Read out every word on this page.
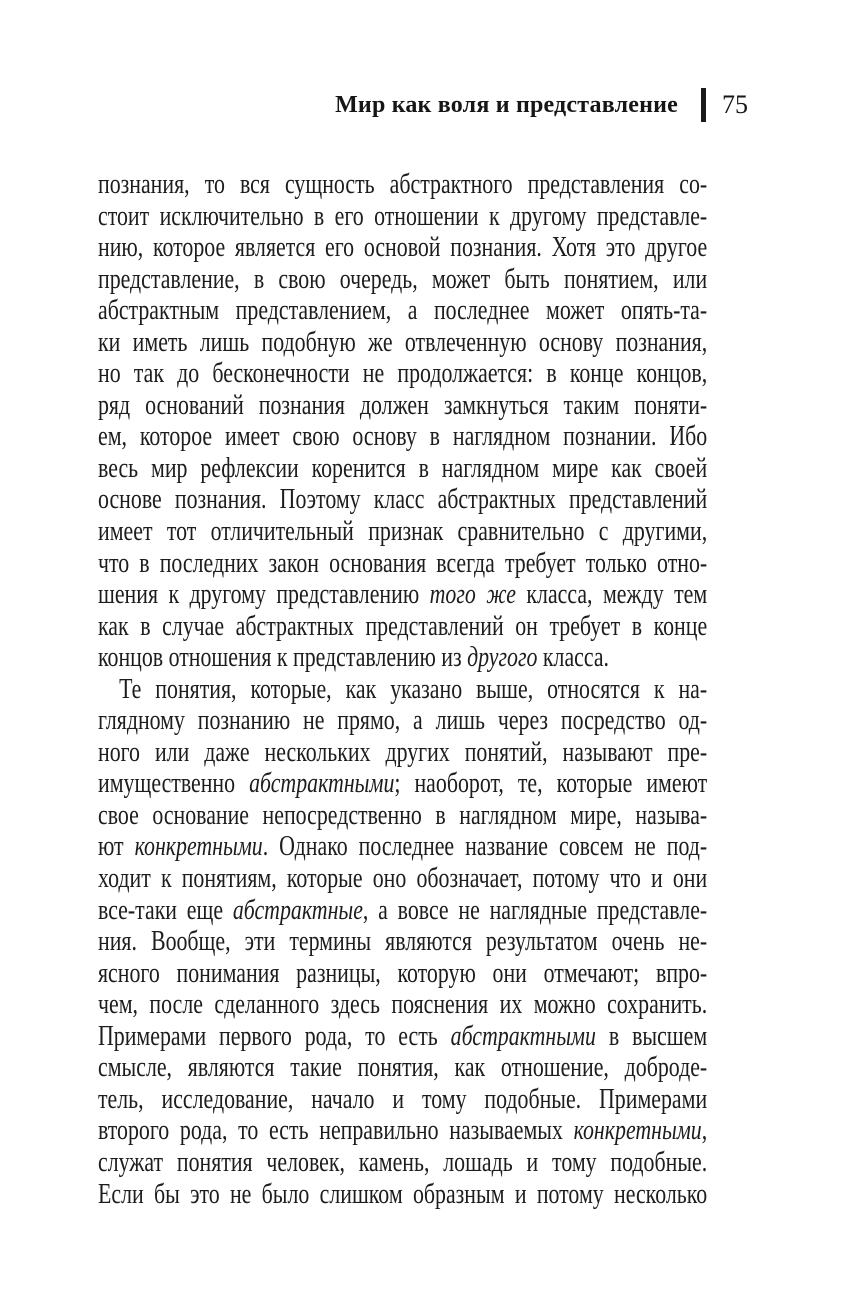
Мир как воля и представление 75
познания, то вся сущность абстрактного представления со-
стоит исключительно в его отношении к другому представле-
нию, которое является его основой познания. Хотя это другое
представление, в свою очередь, может быть понятием, или
абстрактным представлением, а последнее может опять-та-
ки иметь лишь подобную же отвлеченную основу познания,
но так до бесконечности не продолжается: в конце концов,
ряд оснований познания должен замкнуться таким поняти-
ем, которое имеет свою основу в наглядном познании. Ибо
весь мир рефлексии коренится в наглядном мире как своей
основе познания. Поэтому класс абстрактных представлений
имеет тот отличительный признак сравнительно с другими,
что в последних закон основания всегда требует только отно-
шения к другому представлению того же класса, между тем
как в случае абстрактных представлений он требует в конце
концов отношения к представлению из другого класса.
Те понятия, которые, как указано выше, относятся к на-
глядному познанию не прямо, а лишь через посредство од-
ного или даже нескольких других понятий, называют пре-
имущественно абстрактными; наоборот, те, которые имеют
свое основание непосредственно в наглядном мире, называ-
ют конкретными. Однако последнее название совсем не под-
ходит к понятиям, которые оно обозначает, потому что и они
все-таки еще абстрактные, а вовсе не наглядные представле-
ния. Вообще, эти термины являются результатом очень не-
ясного понимания разницы, которую они отмечают; впро-
чем, после сделанного здесь пояснения их можно сохранить.
Примерами первого рода, то есть абстрактными в высшем
смысле, являются такие понятия, как отношение, доброде-
тель, исследование, начало и тому подобные. Примерами
второго рода, то есть неправильно называемых конкретными,
служат понятия человек, камень, лошадь и тому подобные.
Если бы это не было слишком образным и потому несколько
